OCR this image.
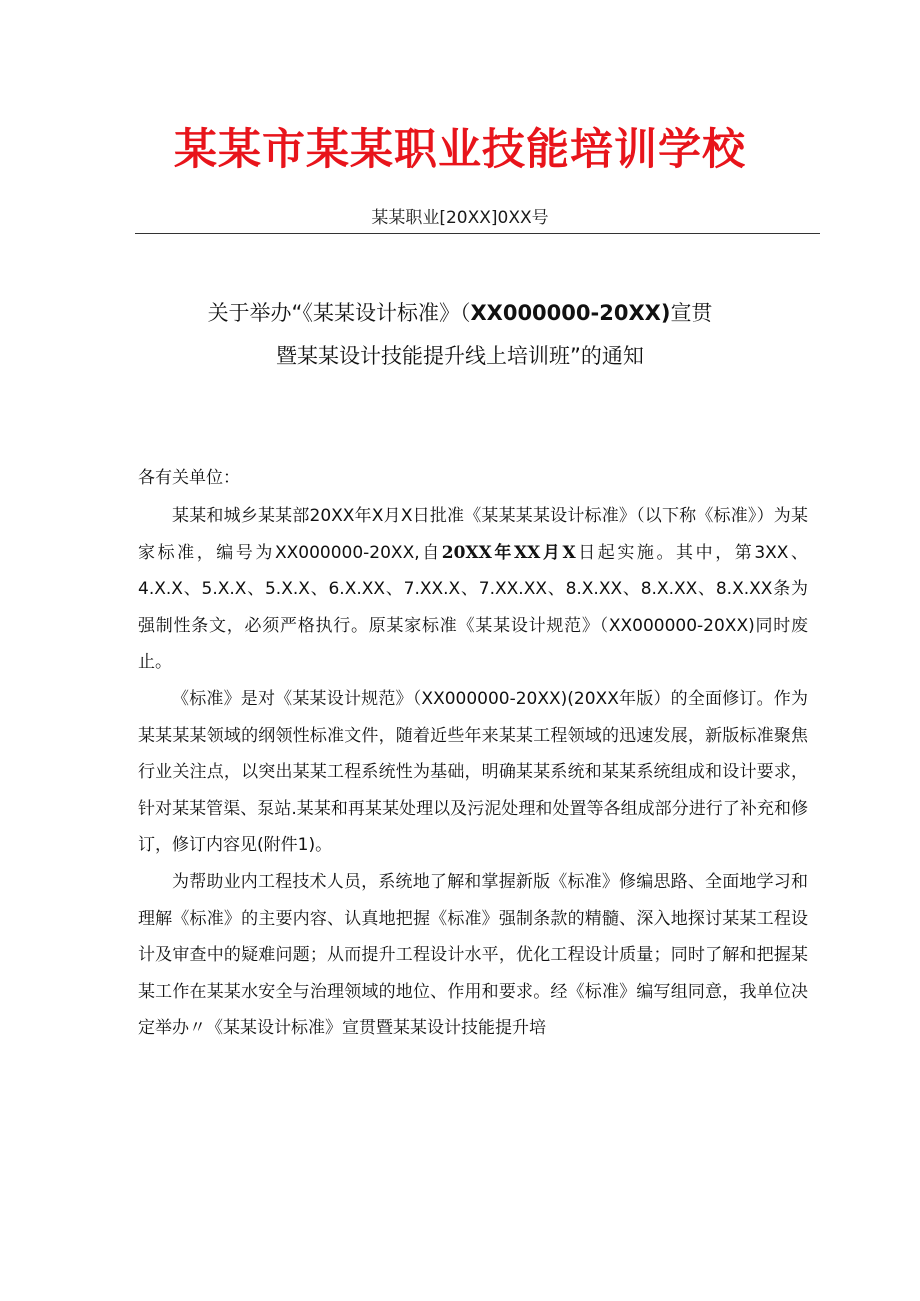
某某市某某职业技能培训学校
某某职业[20XX]0XX号
关于举办“《某某设计标准》（XX000000-20XX)宣贯
暨某某设计技能提升线上培训班”的通知
各有关单位：

某某和城乡某某部20XX年X月X日批准《某某某某设计标准》（以下称《标准》）为某家标准，编号为XX000000-20XX,自20XX年XX月X日起实施。其中，第3XX、4.X.X、5.X.X、5.X.X、6.X.XX、7.XX.X、7.XX.XX、8.X.XX、8.X.XX、8.X.XX条为强制性条文，必须严格执行。原某家标准《某某设计规范》（XX000000-20XX)同时废止。

《标准》是对《某某设计规范》（XX000000-20XX)(20XX年版）的全面修订。作为某某某某领域的纲领性标准文件，随着近些年来某某工程领域的迅速发展，新版标准聚焦行业关注点，以突出某某工程系统性为基础，明确某某系统和某某系统组成和设计要求，针对某某管渠、泵站.某某和再某某处理以及污泥处理和处置等各组成部分进行了补充和修订，修订内容见(附件1)。

为帮助业内工程技术人员，系统地了解和掌握新版《标准》修编思路、全面地学习和理解《标准》的主要内容、认真地把握《标准》强制条款的精髓、深入地探讨某某工程设计及审查中的疑难问题；从而提升工程设计水平，优化工程设计质量；同时了解和把握某某工作在某某水安全与治理领域的地位、作用和要求。经《标准》编写组同意，我单位决定举办〃《某某设计标准》宣贯暨某某设计技能提升培
